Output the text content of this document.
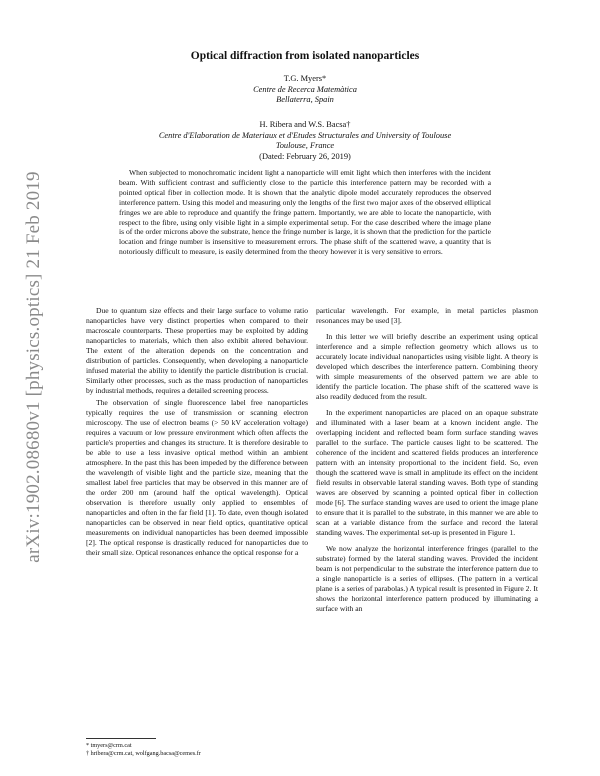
arXiv:1902.08680v1 [physics.optics] 21 Feb 2019
Optical diffraction from isolated nanoparticles
T.G. Myers*
Centre de Recerca Matemàtica
Bellaterra, Spain
H. Ribera and W.S. Bacsa†
Centre d'Elaboration de Materiaux et d'Etudes Structurales and University of Toulouse
Toulouse, France
(Dated: February 26, 2019)
When subjected to monochromatic incident light a nanoparticle will emit light which then interferes with the incident beam. With sufficient contrast and sufficiently close to the particle this interference pattern may be recorded with a pointed optical fiber in collection mode. It is shown that the analytic dipole model accurately reproduces the observed interference pattern. Using this model and measuring only the lengths of the first two major axes of the observed elliptical fringes we are able to reproduce and quantify the fringe pattern. Importantly, we are able to locate the nanoparticle, with respect to the fibre, using only visible light in a simple experimental setup. For the case described where the image plane is of the order microns above the substrate, hence the fringe number is large, it is shown that the prediction for the particle location and fringe number is insensitive to measurement errors. The phase shift of the scattered wave, a quantity that is notoriously difficult to measure, is easily determined from the theory however it is very sensitive to errors.

Due to quantum size effects and their large surface to volume ratio nanoparticles have very distinct properties when compared to their macroscale counterparts. These properties may be exploited by adding nanoparticles to materials, which then also exhibit altered behaviour. The extent of the alteration depends on the concentration and distribution of particles. Consequently, when developing a nanoparticle infused material the ability to identify the particle distribution is crucial. Similarly other processes, such as the mass production of nanoparticles by industrial methods, requires a detailed screening process.

The observation of single fluorescence label free nanoparticles typically requires the use of transmission or scanning electron microscopy. The use of electron beams (> 50 kV acceleration voltage) requires a vacuum or low pressure environment which often affects the particle's properties and changes its structure. It is therefore desirable to be able to use a less invasive optical method within an ambient atmosphere. In the past this has been impeded by the difference between the wavelength of visible light and the particle size, meaning that the smallest label free particles that may be observed in this manner are of the order 200 nm (around half the optical wavelength). Optical observation is therefore usually only applied to ensembles of nanoparticles and often in the far field [1]. To date, even though isolated nanoparticles can be observed in near field optics, quantitative optical measurements on individual nanoparticles has been deemed impossible [2]. The optical response is drastically reduced for nanoparticles due to their small size. Optical resonances enhance the optical response for a

particular wavelength. For example, in metal particles plasmon resonances may be used [3].

In this letter we will briefly describe an experiment using optical interference and a simple reflection geometry which allows us to accurately locate individual nanoparticles using visible light. A theory is developed which describes the interference pattern. Combining theory with simple measurements of the observed pattern we are able to identify the particle location. The phase shift of the scattered wave is also readily deduced from the result.

In the experiment nanoparticles are placed on an opaque substrate and illuminated with a laser beam at a known incident angle. The overlapping incident and reflected beam form surface standing waves parallel to the surface. The particle causes light to be scattered. The coherence of the incident and scattered fields produces an interference pattern with an intensity proportional to the incident field. So, even though the scattered wave is small in amplitude its effect on the incident field results in observable lateral standing waves. Both type of standing waves are observed by scanning a pointed optical fiber in collection mode [6]. The surface standing waves are used to orient the image plane to ensure that it is parallel to the substrate, in this manner we are able to scan at a variable distance from the surface and record the lateral standing waves. The experimental set-up is presented in Figure 1.

We now analyze the horizontal interference fringes (parallel to the substrate) formed by the lateral standing waves. Provided the incident beam is not perpendicular to the substrate the interference pattern due to a single nanoparticle is a series of ellipses. (The pattern in a vertical plane is a series of parabolas.) A typical result is presented in Figure 2. It shows the horizontal interference pattern produced by illuminating a surface with an

* tmyers@crm.cat
† hribera@crm.cat, wolfgang.bacsa@cemes.fr
